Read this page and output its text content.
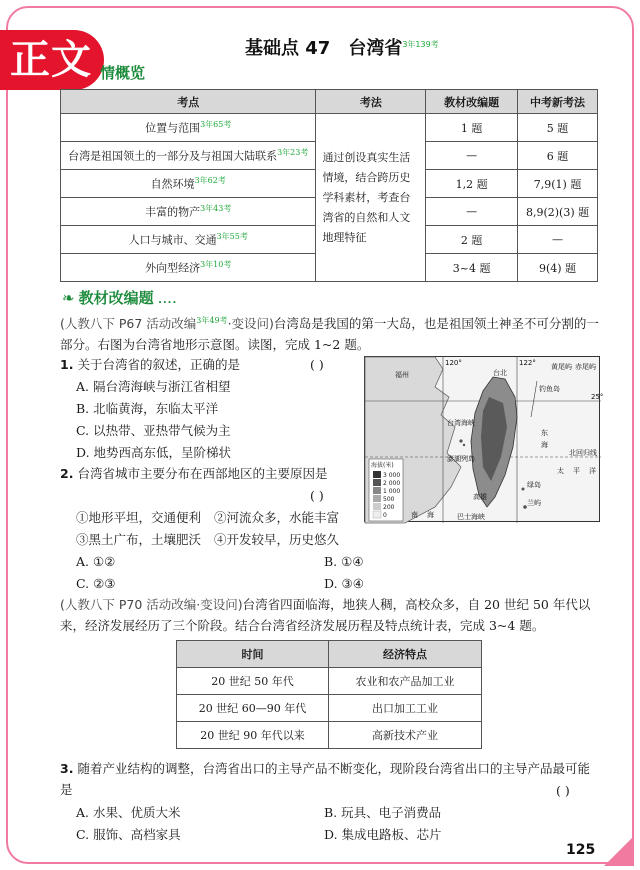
正文	基础点 47 台湾省$^{3年139考}$
情概览
考点	考法	教材改编题	中考新考法
位置与范围$^{3年65考}$	通过创设真实生活情境，结合跨历史学科素材，考查台湾省的自然和人文地理特征	1 题	5 题
台湾是祖国领土的一部分及与祖国大陆联系$^{3年23考}$		—	6 题
自然环境$^{3年62考}$		1,2 题	7,9(1) 题
丰富的物产$^{3年43考}$		—	8,9(2)(3) 题
人口与城市、交通$^{3年55考}$		2 题	—
外向型经济$^{3年10考}$		3~4 题	9(4) 题
❧ 教材改编题 ....
(人教八下 P67 活动改编$^{3年49考}$·变设问)台湾岛是我国的第一大岛，也是祖国领土神圣不可分割的一部分。右图为台湾省地形示意图。读图，完成 1~2 题。
1. 关于台湾省的叙述，正确的是	( )
A. 隔台湾海峡与浙江省相望
B. 北临黄海，东临太平洋
C. 以热带、亚热带气候为主
D. 地势西高东低，呈阶梯状
2. 台湾省城市主要分布在西部地区的主要原因是
( )
①地形平坦，交通便利 ②河流众多，水能丰富
③黑土广布，土壤肥沃 ④开发较早，历史悠久
A. ①②	B. ①④
C. ②③	D. ③④
海拔(米)
3 000
2 000
1 000
500
200
0
福州	台北
黄尾屿 赤尾屿
钓鱼岛
北回归线
高雄
台湾海峡
东
海
太 平 洋
澎湖列岛
南 海	巴士海峡
兰屿
绿岛
25°
122°
120°
(人教八下 P70 活动改编·变设问)台湾省四面临海，地狭人稠，高校众多，自 20 世纪 50 年代以来，经济发展经历了三个阶段。结合台湾省经济发展历程及特点统计表，完成 3~4 题。
时间	经济特点
20 世纪 50 年代	农业和农产品加工业
20 世纪 60—90 年代	出口加工工业
20 世纪 90 年代以来	高新技术产业
3. 随着产业结构的调整，台湾省出口的主导产品不断变化，现阶段台湾省出口的主导产品最可能是	( )
A. 水果、优质大米	B. 玩具、电子消费品
C. 服饰、高档家具	D. 集成电路板、芯片
125
